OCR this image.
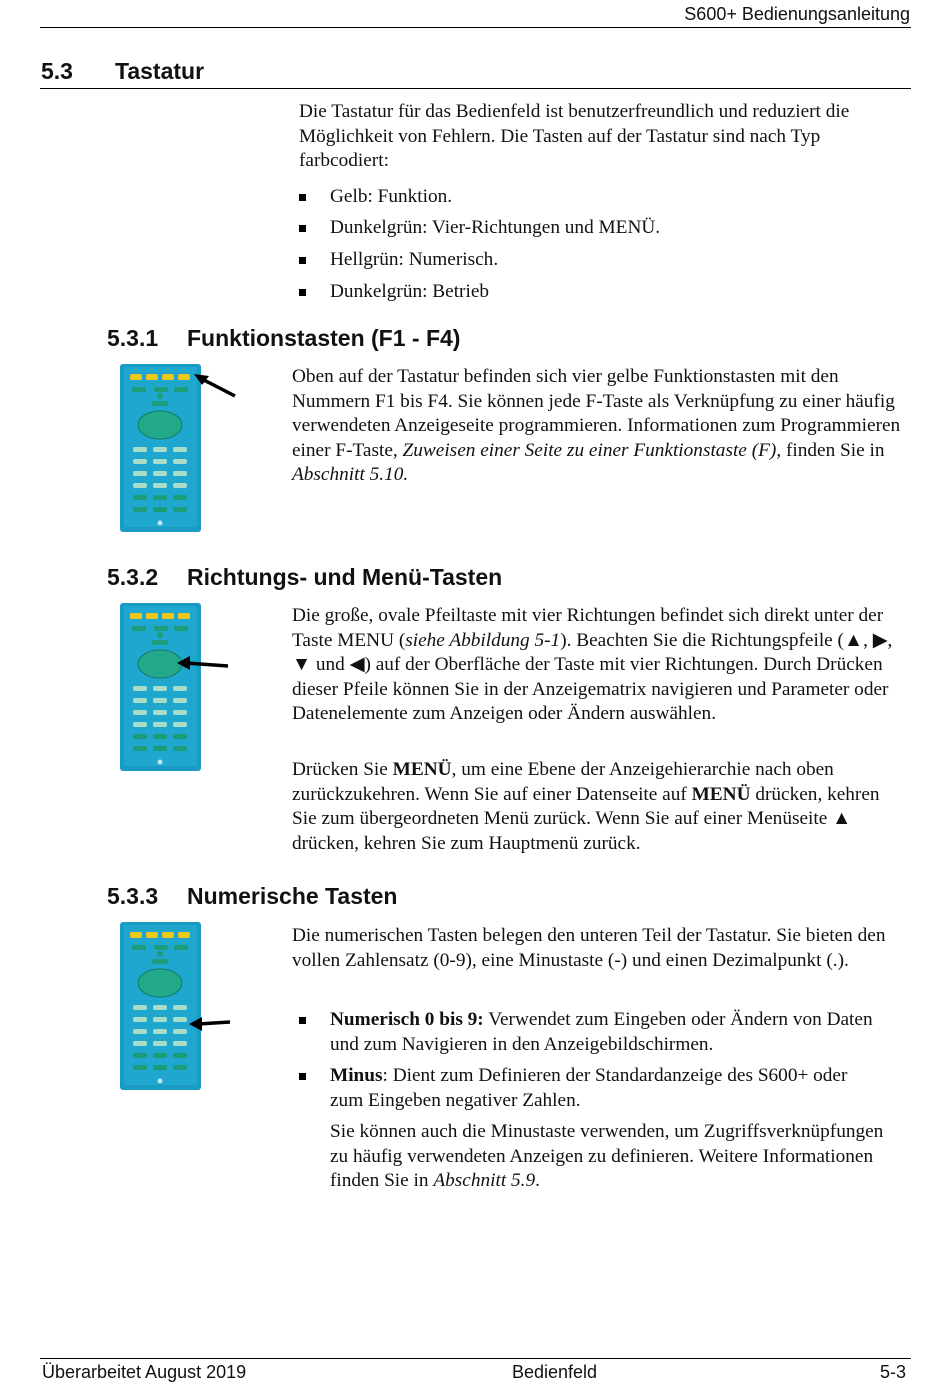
S600+ Bedienungsanleitung
5.3 Tastatur
Die Tastatur für das Bedienfeld ist benutzerfreundlich und reduziert die Möglichkeit von Fehlern. Die Tasten auf der Tastatur sind nach Typ farbcodiert:
Gelb: Funktion.
Dunkelgrün: Vier-Richtungen und MENÜ.
Hellgrün: Numerisch.
Dunkelgrün: Betrieb
5.3.1 Funktionstasten (F1 - F4)
Oben auf der Tastatur befinden sich vier gelbe Funktionstasten mit den Nummern F1 bis F4. Sie können jede F-Taste als Verknüpfung zu einer häufig verwendeten Anzeigeseite programmieren. Informationen zum Programmieren einer F-Taste, Zuweisen einer Seite zu einer Funktionstaste (F), finden Sie in Abschnitt 5.10.
5.3.2 Richtungs- und Menü-Tasten
Die große, ovale Pfeiltaste mit vier Richtungen befindet sich direkt unter der Taste MENU (siehe Abbildung 5-1). Beachten Sie die Richtungspfeile (▲, ▶, ▼ und ◀) auf der Oberfläche der Taste mit vier Richtungen. Durch Drücken dieser Pfeile können Sie in der Anzeigematrix navigieren und Parameter oder Datenelemente zum Anzeigen oder Ändern auswählen.
Drücken Sie MENÜ, um eine Ebene der Anzeigehierarchie nach oben zurückzukehren. Wenn Sie auf einer Datenseite auf MENÜ drücken, kehren Sie zum übergeordneten Menü zurück. Wenn Sie auf einer Menüseite ▲ drücken, kehren Sie zum Hauptmenü zurück.
5.3.3 Numerische Tasten
Die numerischen Tasten belegen den unteren Teil der Tastatur. Sie bieten den vollen Zahlensatz (0-9), eine Minustaste (-) und einen Dezimalpunkt (.).
Numerisch 0 bis 9: Verwendet zum Eingeben oder Ändern von Daten und zum Navigieren in den Anzeigebildschirmen.
Minus: Dient zum Definieren der Standardanzeige des S600+ oder zum Eingeben negativer Zahlen.
Sie können auch die Minustaste verwenden, um Zugriffsverknüpfungen zu häufig verwendeten Anzeigen zu definieren. Weitere Informationen finden Sie in Abschnitt 5.9.
Überarbeitet August 2019	Bedienfeld	5-3
